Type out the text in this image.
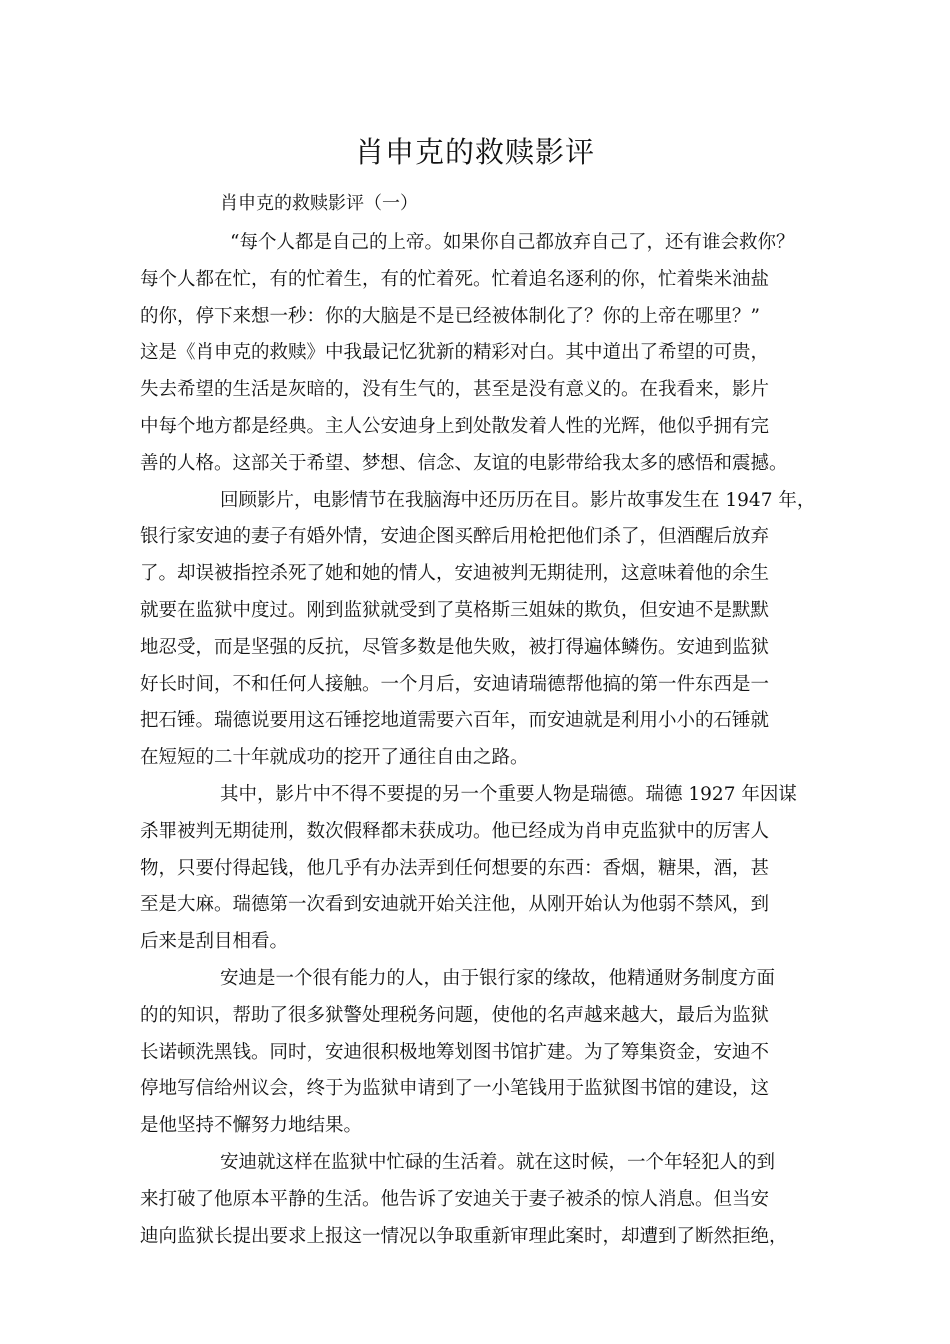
肖申克的救赎影评
肖申克的救赎影评（一）
“每个人都是自己的上帝。如果你自己都放弃自己了，还有谁会救你？
每个人都在忙，有的忙着生，有的忙着死。忙着追名逐利的你，忙着柴米油盐
的你，停下来想一秒：你的大脑是不是已经被体制化了？你的上帝在哪里？”
这是《肖申克的救赎》中我最记忆犹新的精彩对白。其中道出了希望的可贵，
失去希望的生活是灰暗的，没有生气的，甚至是没有意义的。在我看来，影片
中每个地方都是经典。主人公安迪身上到处散发着人性的光辉，他似乎拥有完
善的人格。这部关于希望、梦想、信念、友谊的电影带给我太多的感悟和震撼。
回顾影片，电影情节在我脑海中还历历在目。影片故事发生在 1947 年，
银行家安迪的妻子有婚外情，安迪企图买醉后用枪把他们杀了，但酒醒后放弃
了。却误被指控杀死了她和她的情人，安迪被判无期徒刑，这意味着他的余生
就要在监狱中度过。刚到监狱就受到了莫格斯三姐妹的欺负，但安迪不是默默
地忍受，而是坚强的反抗，尽管多数是他失败，被打得遍体鳞伤。安迪到监狱
好长时间，不和任何人接触。一个月后，安迪请瑞德帮他搞的第一件东西是一
把石锤。瑞德说要用这石锤挖地道需要六百年，而安迪就是利用小小的石锤就
在短短的二十年就成功的挖开了通往自由之路。
其中，影片中不得不要提的另一个重要人物是瑞德。瑞德 1927 年因谋
杀罪被判无期徒刑，数次假释都未获成功。他已经成为肖申克监狱中的厉害人
物，只要付得起钱，他几乎有办法弄到任何想要的东西：香烟，糖果，酒，甚
至是大麻。瑞德第一次看到安迪就开始关注他，从刚开始认为他弱不禁风，到
后来是刮目相看。
安迪是一个很有能力的人，由于银行家的缘故，他精通财务制度方面
的的知识，帮助了很多狱警处理税务问题，使他的名声越来越大，最后为监狱
长诺顿洗黑钱。同时，安迪很积极地筹划图书馆扩建。为了筹集资金，安迪不
停地写信给州议会，终于为监狱申请到了一小笔钱用于监狱图书馆的建设，这
是他坚持不懈努力地结果。
安迪就这样在监狱中忙碌的生活着。就在这时候，一个年轻犯人的到
来打破了他原本平静的生活。他告诉了安迪关于妻子被杀的惊人消息。但当安
迪向监狱长提出要求上报这一情况以争取重新审理此案时，却遭到了断然拒绝，
